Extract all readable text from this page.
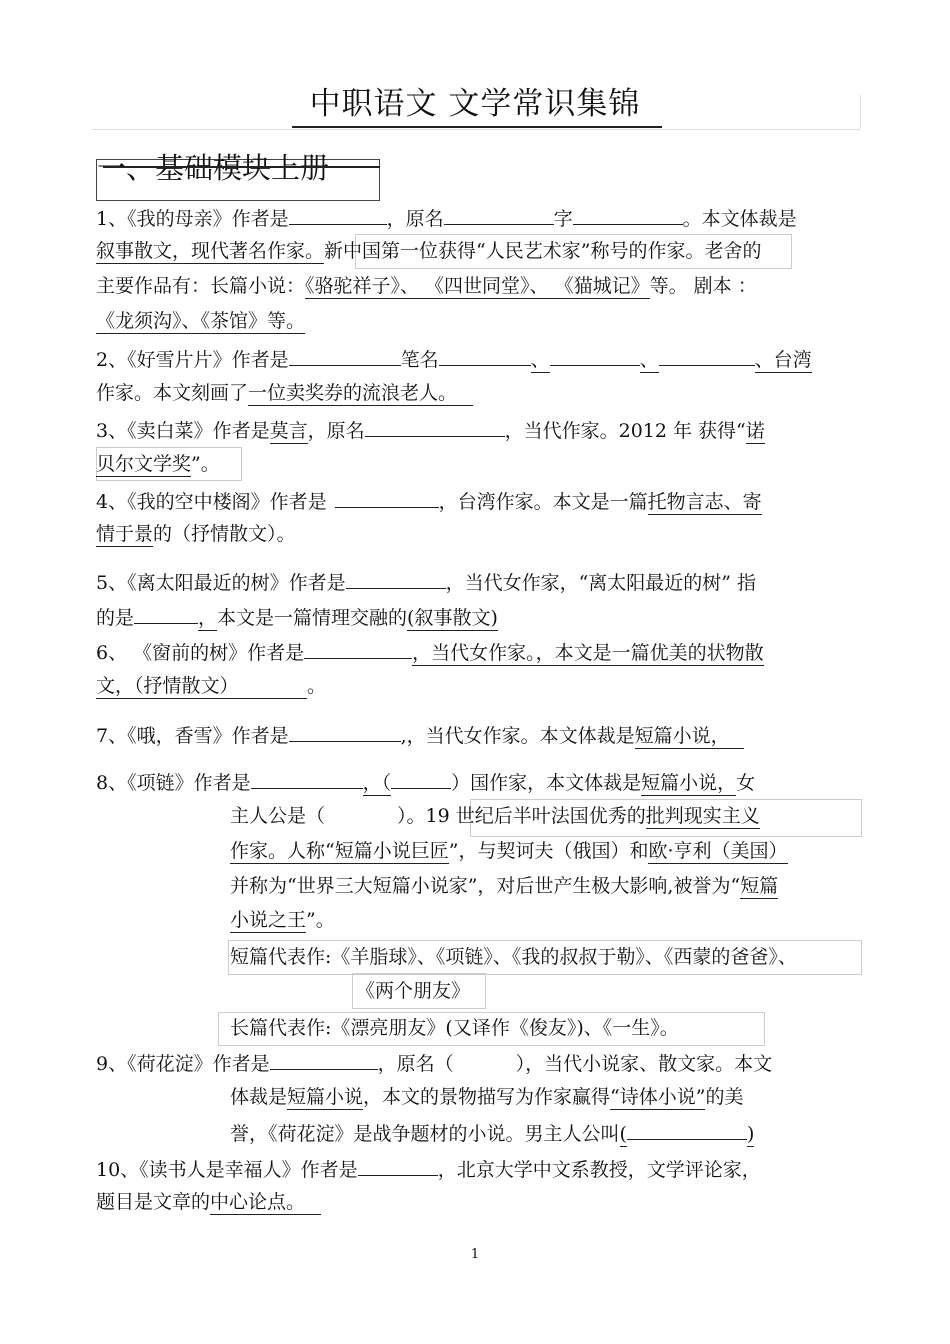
中职语文 文学常识集锦
一、基础模块上册
1、《我的母亲》作者是	，原名	字	。本文体裁是
叙事散文，现代著名作家。新中国第一位获得“人民艺术家”称号的作家。老舍的
主要作品有：长篇小说：《骆驼祥子》、 《四世同堂》、 《猫城记》等。 剧本 ：
《龙须沟》、《茶馆》等。
2、《好雪片片》作者是	笔名	、	、	、台湾
作家。本文刻画了一位卖奖券的流浪老人。
3、《卖白菜》作者是莫言，原名	，当代作家。2012 年 获得“诺
贝尔文学奖”。
4、《我的空中楼阁》作者是	，台湾作家。本文是一篇托物言志、寄
情于景的（抒情散文）。
5、《离太阳最近的树》作者是	，当代女作家，“离太阳最近的树” 指
的是	，本文是一篇情理交融的(叙事散文)
6、 《窗前的树》作者是	，当代女作家。，本文是一篇优美的状物散
文，（抒情散文）	。
7、《哦，香雪》作者是	,，当代女作家。本文体裁是短篇小说，
8、《项链》作者是	，（	）国作家，本文体裁是短篇小说，女
主人公是（	）。19 世纪后半叶法国优秀的批判现实主义
作家。人称“短篇小说巨匠”，与契诃夫（俄国）和欧·亨利（美国）
并称为“世界三大短篇小说家”，对后世产生极大影响,被誉为“短篇
小说之王”。
短篇代表作:《羊脂球》、《项链》、《我的叔叔于勒》、《西蒙的爸爸》、
《两个朋友》
长篇代表作:《漂亮朋友》(又译作《俊友》)、《一生》。
9、《荷花淀》作者是	，原名（	），当代小说家、散文家。本文
体裁是短篇小说，本文的景物描写为作家赢得“诗体小说”的美
誉，《荷花淀》是战争题材的小说。男主人公叫(	)
10、《读书人是幸福人》作者是	，北京大学中文系教授，文学评论家，
题目是文章的中心论点。
1
